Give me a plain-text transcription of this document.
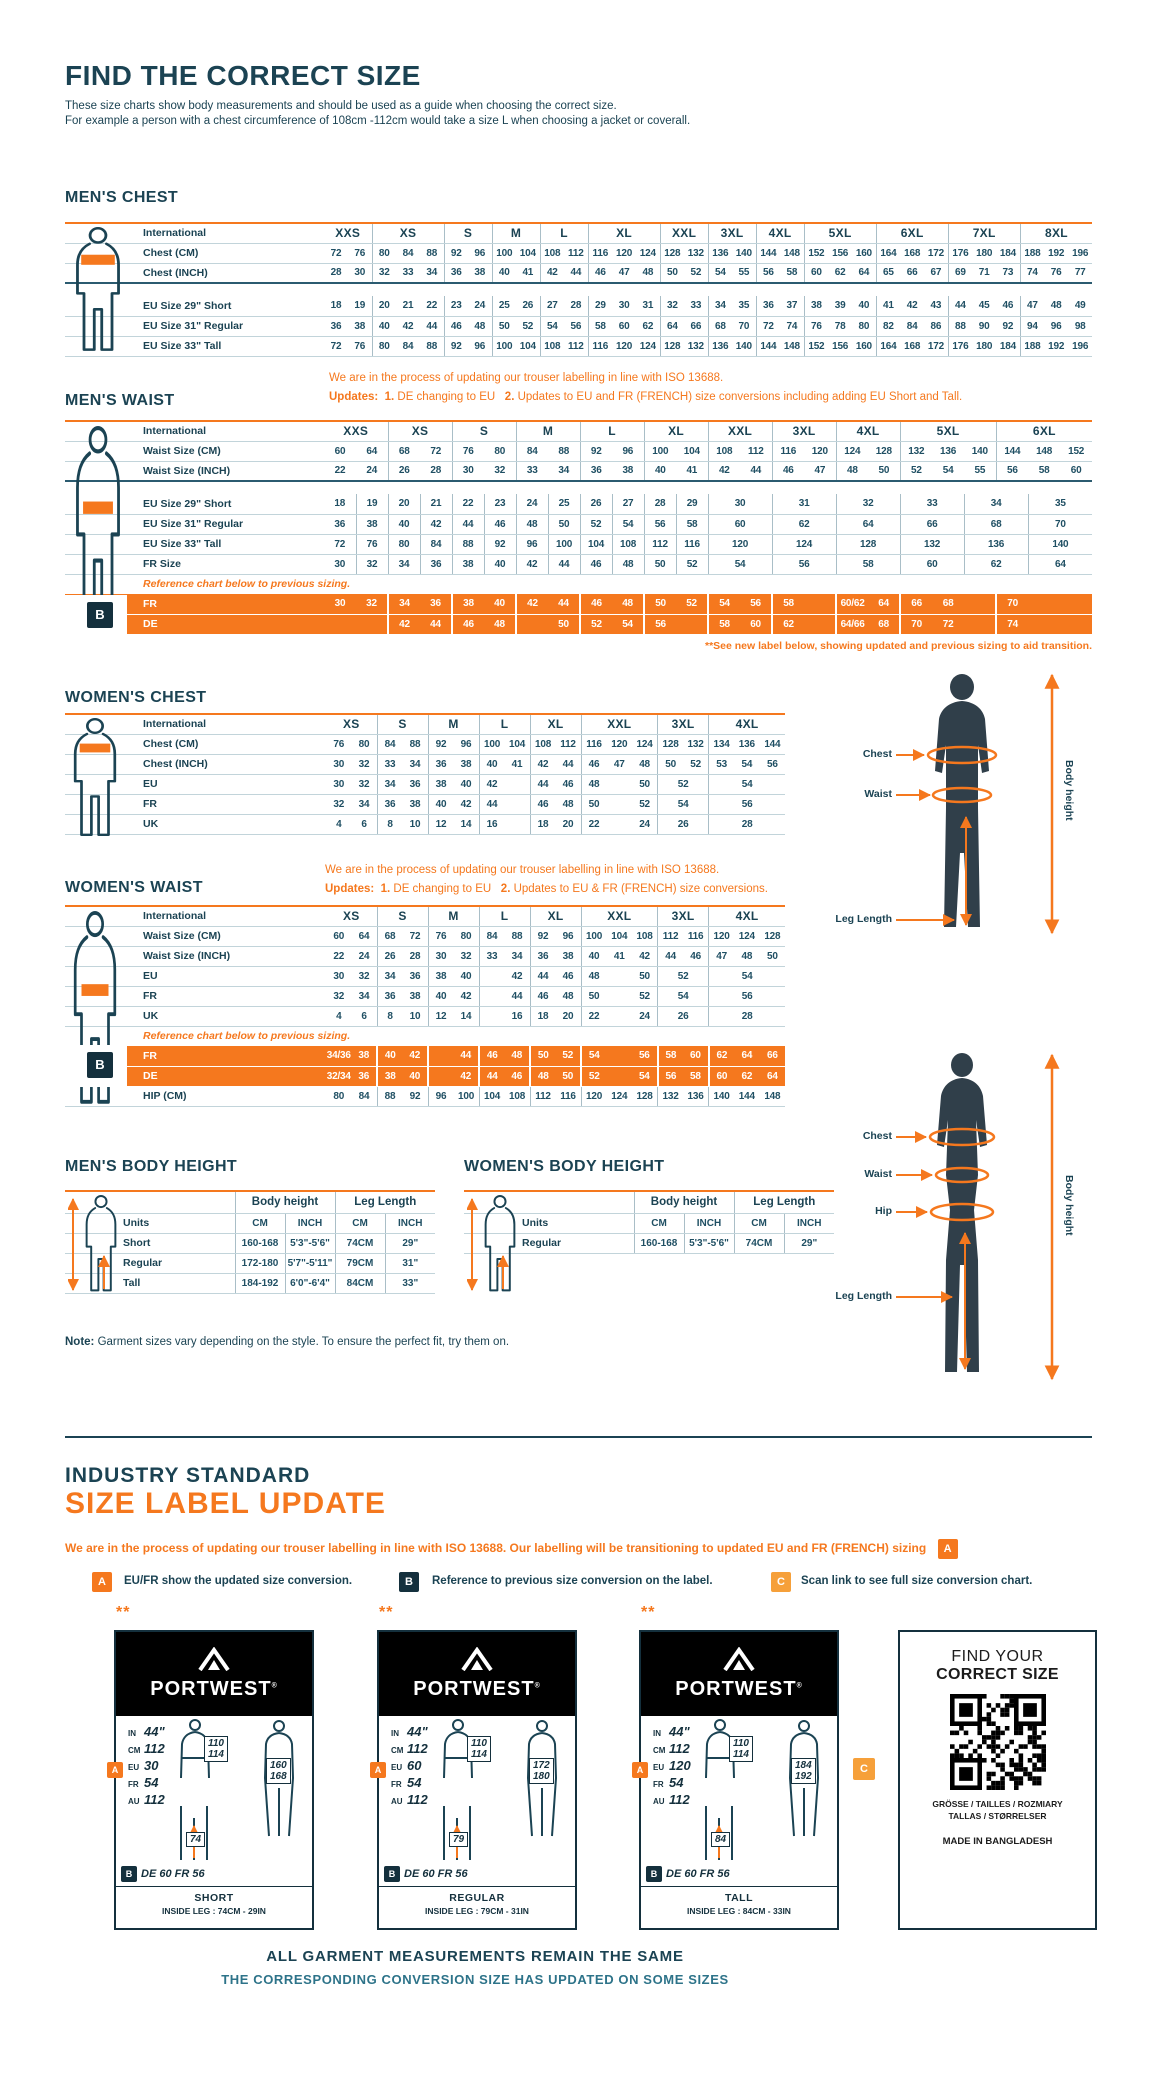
FIND THE CORRECT SIZE
These size charts show body measurements and should be used as a guide when choosing the correct size.
For example a person with a chest circumference of 108cm -112cm would take a size L when choosing a jacket or coverall.
MEN'S CHEST
International	XXS		XS			S		M		L		XL			XXL		3XL		4XL		5XL			6XL			7XL			8XL		
Chest (CM)	72	76	80	84	88	92	96	100	104	108	112	116	120	124	128	132	136	140	144	148	152	156	160	164	168	172	176	180	184	188	192	196
Chest (INCH)	28	30	32	33	34	36	38	40	41	42	44	46	47	48	50	52	54	55	56	58	60	62	64	65	66	67	69	71	73	74	76	77

EU Size 29" Short	18	19	20	21	22	23	24	25	26	27	28	29	30	31	32	33	34	35	36	37	38	39	40	41	42	43	44	45	46	47	48	49
EU Size 31" Regular	36	38	40	42	44	46	48	50	52	54	56	58	60	62	64	66	68	70	72	74	76	78	80	82	84	86	88	90	92	94	96	98
EU Size 33" Tall	72	76	80	84	88	92	96	100	104	108	112	116	120	124	128	132	136	140	144	148	152	156	160	164	168	172	176	180	184	188	192	196
We are in the process of updating our trouser labelling in line with ISO 13688.
Updates: 1. DE changing to EU 2. Updates to EU and FR (FRENCH) size conversions including adding EU Short and Tall.
MEN'S WAIST
International	XXS		XS		S		M		L		XL		XXL		3XL		4XL		5XL			6XL		
Waist Size (CM)	60	64	68	72	76	80	84	88	92	96	100	104	108	112	116	120	124	128	132	136	140	144	148	152
Waist Size (INCH)	22	24	26	28	30	32	33	34	36	38	40	41	42	44	46	47	48	50	52	54	55	56	58	60

EU Size 29" Short	18	19	20	21	22	23	24	25	26	27	28	29	30		31		32		33		34		35	
EU Size 31" Regular	36	38	40	42	44	46	48	50	52	54	56	58	60		62		64		66		68		70	
EU Size 33" Tall	72	76	80	84	88	92	96	100	104	108	112	116	120		124		128		132		136		140	
FR Size	30	32	34	36	38	40	42	44	46	48	50	52	54		56		58		60		62		64	
Reference chart below to previous sizing.																								
FR	30	32	34	36	38	40	42	44	46	48	50	52	54	56	58		60/62	64	66	68		70		
DE			42	44	46	48		50	52	54	56		58	60	62		64/66	68	70	72		74		
B
**See new label below, showing updated and previous sizing to aid transition.
WOMEN'S CHEST
International	XS		S		M		L		XL		XXL			3XL		4XL		
Chest (CM)	76	80	84	88	92	96	100	104	108	112	116	120	124	128	132	134	136	144
Chest (INCH)	30	32	33	34	36	38	40	41	42	44	46	47	48	50	52	53	54	56
EU	30	32	34	36	38	40	42		44	46	48		50	52		54		
FR	32	34	36	38	40	42	44		46	48	50		52	54		56		
UK	4	6	8	10	12	14	16		18	20	22		24	26		28		
Chest
Waist
Leg Length
Body height
We are in the process of updating our trouser labelling in line with ISO 13688.
Updates: 1. DE changing to EU 2. Updates to EU & FR (FRENCH) size conversions.
WOMEN'S WAIST
International	XS		S		M		L		XL		XXL			3XL		4XL		
Waist Size (CM)	60	64	68	72	76	80	84	88	92	96	100	104	108	112	116	120	124	128
Waist Size (INCH)	22	24	26	28	30	32	33	34	36	38	40	41	42	44	46	47	48	50
EU	30	32	34	36	38	40		42	44	46	48		50	52		54		
FR	32	34	36	38	40	42		44	46	48	50		52	54		56		
UK	4	6	8	10	12	14		16	18	20	22		24	26		28		
Reference chart below to previous sizing.																		
FR	34/36	38	40	42		44	46	48	50	52	54		56	58	60	62	64	66
DE	32/34	36	38	40		42	44	46	48	50	52		54	56	58	60	62	64
HIP (CM)	80	84	88	92	96	100	104	108	112	116	120	124	128	132	136	140	144	148
B
Chest
Waist
Hip
Leg Length
Body height
MEN'S BODY HEIGHT
	Body height		Leg Length	
Units	CM	INCH	CM	INCH
Short	160-168	5'3"-5'6"	74CM	29"
Regular	172-180	5'7"-5'11"	79CM	31"
Tall	184-192	6'0"-6'4"	84CM	33"
WOMEN'S BODY HEIGHT
	Body height		Leg Length	
Units	CM	INCH	CM	INCH
Regular	160-168	5'3"-5'6"	74CM	29"
Note: Garment sizes vary depending on the style. To ensure the perfect fit, try them on.
INDUSTRY STANDARD
SIZE LABEL UPDATE
We are in the process of updating our trouser labelling in line with ISO 13688. Our labelling will be transitioning to updated EU and FR (FRENCH) sizing A
A	EU/FR show the updated size conversion.	B	Reference to previous size conversion on the label.	C	Scan link to see full size conversion chart.
**
PORTWEST®
IN 44"
CM 112
EU 30
FR 54
AU 112
A
110
114
160
168
74
B DE 60 FR 56
SHORT
INSIDE LEG : 74CM - 29IN
**
PORTWEST®
IN 44"
CM 112
EU 60
FR 54
AU 112
A
110
114
172
180
79
B DE 60 FR 56
REGULAR
INSIDE LEG : 79CM - 31IN
**
PORTWEST®
IN 44"
CM 112
EU 120
FR 54
AU 112
A
110
114
184
192
84
B DE 60 FR 56
TALL
INSIDE LEG : 84CM - 33IN
FIND YOUR
CORRECT SIZE
GRÖSSE / TAILLES / ROZMIARY
TALLAS / STØRRELSER
MADE IN BANGLADESH
C
ALL GARMENT MEASUREMENTS REMAIN THE SAME
THE CORRESPONDING CONVERSION SIZE HAS UPDATED ON SOME SIZES
